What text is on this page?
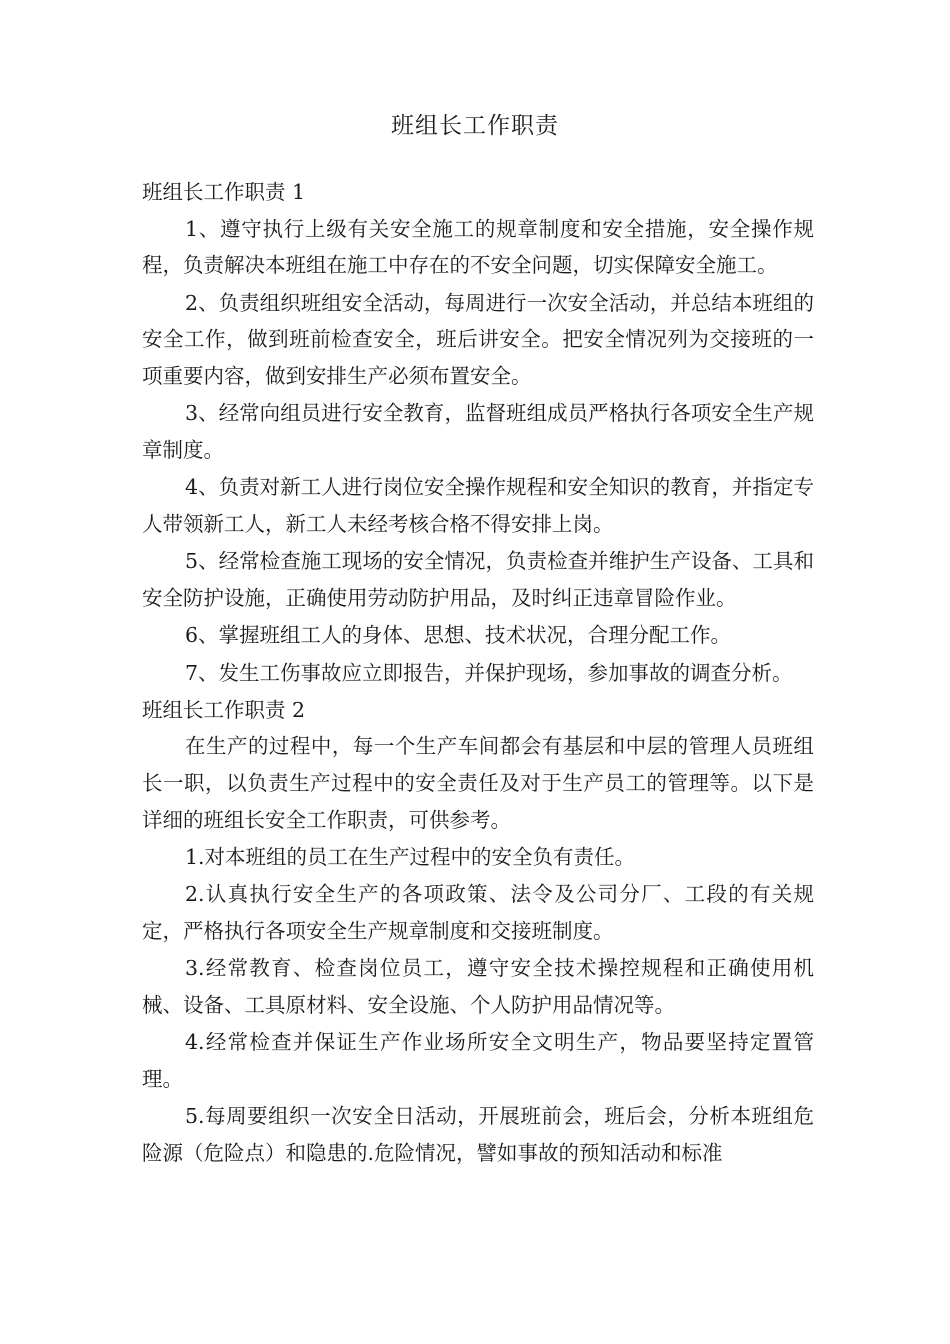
班组长工作职责

班组长工作职责 1

1、遵守执行上级有关安全施工的规章制度和安全措施，安全操作规程，负责解决本班组在施工中存在的不安全问题，切实保障安全施工。

2、负责组织班组安全活动，每周进行一次安全活动，并总结本班组的安全工作，做到班前检查安全，班后讲安全。把安全情况列为交接班的一项重要内容，做到安排生产必须布置安全。

3、经常向组员进行安全教育，监督班组成员严格执行各项安全生产规章制度。

4、负责对新工人进行岗位安全操作规程和安全知识的教育，并指定专人带领新工人，新工人未经考核合格不得安排上岗。

5、经常检查施工现场的安全情况，负责检查并维护生产设备、工具和安全防护设施，正确使用劳动防护用品，及时纠正违章冒险作业。

6、掌握班组工人的身体、思想、技术状况，合理分配工作。

7、发生工伤事故应立即报告，并保护现场，参加事故的调查分析。

班组长工作职责 2

在生产的过程中，每一个生产车间都会有基层和中层的管理人员班组长一职，以负责生产过程中的安全责任及对于生产员工的管理等。以下是详细的班组长安全工作职责，可供参考。

1.对本班组的员工在生产过程中的安全负有责任。

2.认真执行安全生产的各项政策、法令及公司分厂、工段的有关规定，严格执行各项安全生产规章制度和交接班制度。

3.经常教育、检查岗位员工，遵守安全技术操控规程和正确使用机械、设备、工具原材料、安全设施、个人防护用品情况等。

4.经常检查并保证生产作业场所安全文明生产，物品要坚持定置管理。

5.每周要组织一次安全日活动，开展班前会，班后会，分析本班组危险源（危险点）和隐患的.危险情况，譬如事故的预知活动和标准
